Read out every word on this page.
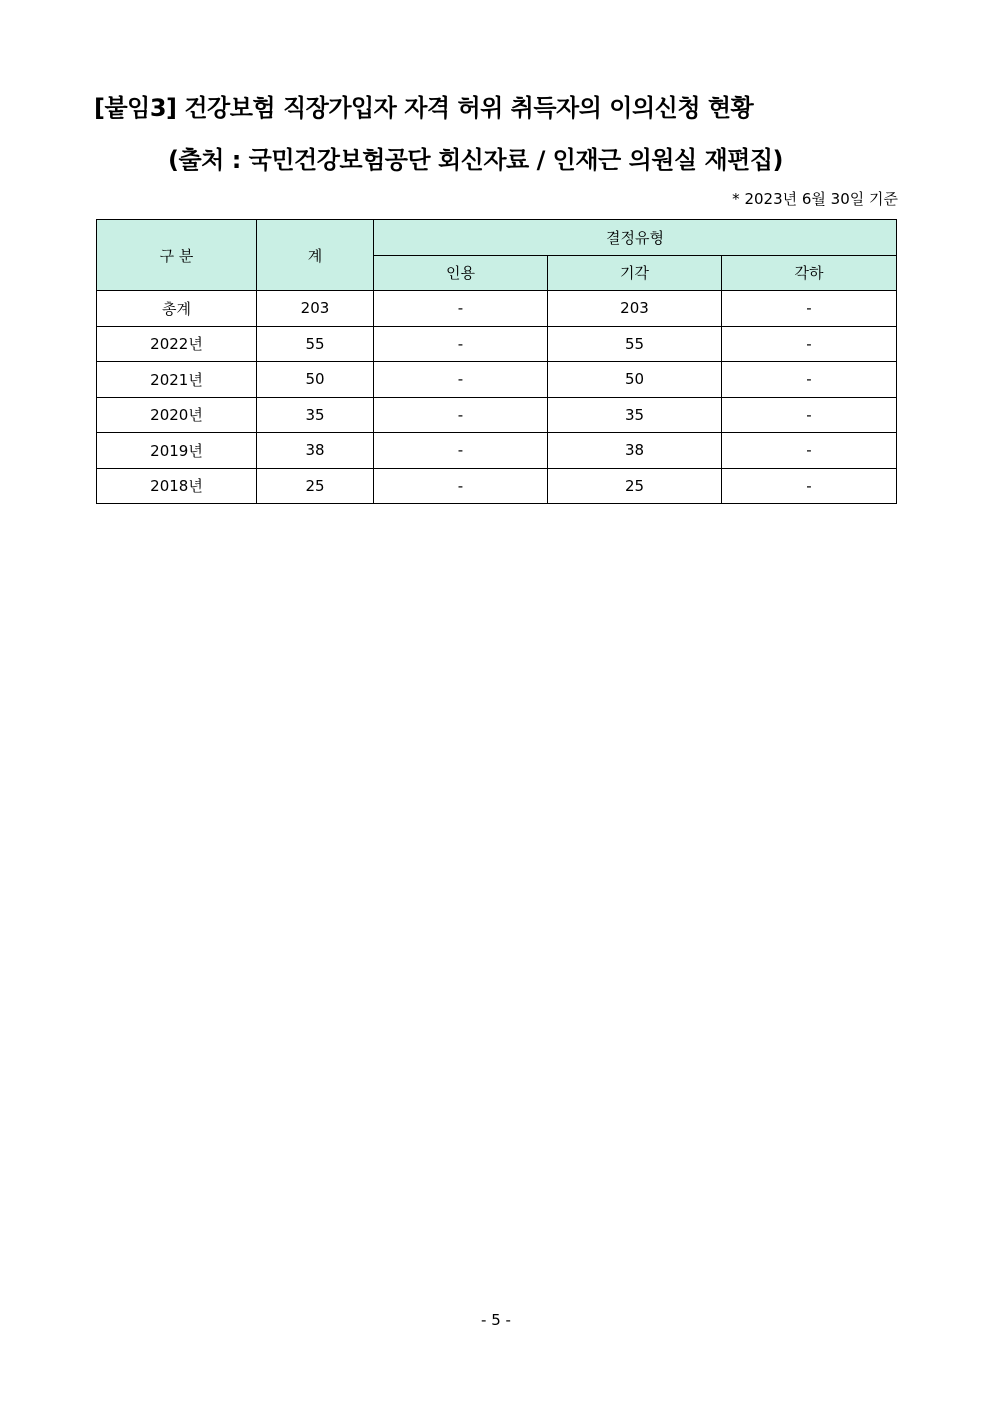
[붙임3] 건강보험 직장가입자 자격 허위 취득자의 이의신청 현황
(출처 : 국민건강보험공단 회신자료 / 인재근 의원실 재편집)
* 2023년 6월 30일 기준
구 분	계	결정유형		
		인용	기각	각하
총계	203	-	203	-
2022년	55	-	55	-
2021년	50	-	50	-
2020년	35	-	35	-
2019년	38	-	38	-
2018년	25	-	25	-
- 5 -
